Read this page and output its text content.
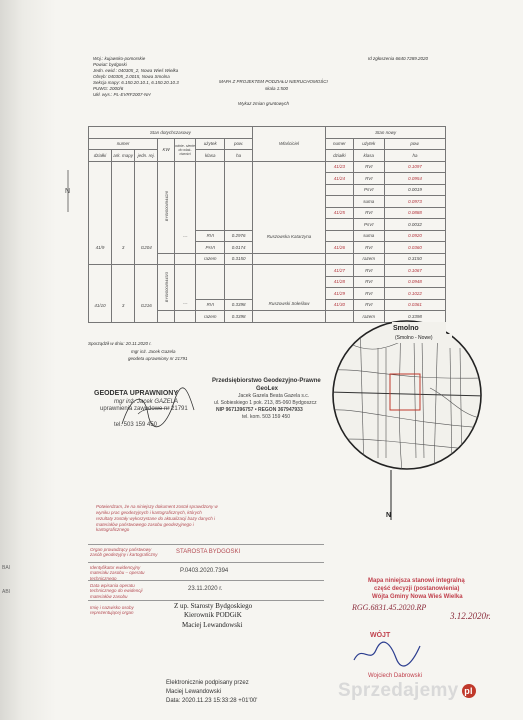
N
BAI
ABI
Woj.: kujawsko-pomorskie
Powiat: bydgoski
Jedn. ewid.: 040305_2, Nowa Wieś Wielka
Obręb: 040305_2.0015, Nowa Smolna
Sekcja mapy: 6.150.20.10.1, 6.150.20.10.3
PUWG: 2000/6
Ukł. wys.: PL-EVRF2007-NH
Id zgłoszenia 6640.7289.2020
MAPA Z PROJEKTEM PODZIAŁU NIERUCHOMOŚCI
skala 1:500
Wykaz zmian gruntowych
Stan dotychczasowy							Właściciel	Stan nowy		
numer			KW	odnie- sienie do właś- ciwości	użytek	pow.		numer	użytek	pow.
działki	ark. mapy	jedn. rej.			klasa	ha			klasa	ha
								działki		
41/9	3	G204	BYB/00049442/6	---			Ruszowska Katarzyna	41/23	RVI	0.1097
								41/24	RVI	0.0954
									PsVI	0.0019
									suma	0.0973
								41/25	RVI	0.0888
									PsVI	0.0032
					RVI	0.2976			suma	0.0920
					PsVI	0.0174		41/26	RVI	0.0360
					razem	0.3150			razem	0.3150
41/10	3	G216	BYB/00049443/3	---			Ruszowski Sołeśław	41/27	RVI	0.1067
								41/28	RVI	0.0948
								41/29	RVI	0.1022
					RVI	0.3398		41/30	RVI	0.0361
					razem	0.3398			razem	0.3398
Sporządził w dniu: 20.11.2020 r.
mgr inż. Jacek Gazela
geodeta uprawniony nr 21791
GEODETA UPRAWNIONY
mgr inż. Jacek GAZELA
uprawnienia zawodowe nr 21791
tel. 503 159 450
Przedsiębiorstwo Geodezyjno-Prawne
GeoLex
Jacek Gazela Beata Gazela s.c.
ul. Sobieskiego 1 pok. 213, 85-060 Bydgoszcz
NIP 9671396757 • REGON 367947933
tel. kom. 503 159 450
Smolno
(Smolno - Nowe)
N
Potwierdzam, że na niniejszy dokument został sprawdzony w wyniku prac geodezyjnych i kartograficznych, których rezultaty zostały wykorzystane do aktualizacji bazy danych i materiałów państwowego zasobu geodezyjnego i kartograficznego
Organ prowadzący państwowy zasób geodezyjny i kartograficzny	STAROSTA BYDGOSKI
Identyfikator ewidencyjny materiału zasobu – operatu technicznego
P.0403.2020.7394
Data wpisania operatu technicznego do ewidencji materiałów zasobu
23.11.2020 r.
Imię i nazwisko osoby reprezentującej organ
Z up. Starosty Bydgoskiego
Kierownik PODGiK
Maciej Lewandowski
Elektronicznie podpisany przez
Maciej Lewandowski
Data: 2020.11.23 15:33:28 +01'00'
Mapa niniejsza stanowi integralną
część decyzji (postanowienia)
Wójta Gminy Nowa Wieś Wielka
RGG.6831.45.2020.RP
3.12.2020r.
WÓJT
Wojciech Dabrowski
Sprzedajemy pl
